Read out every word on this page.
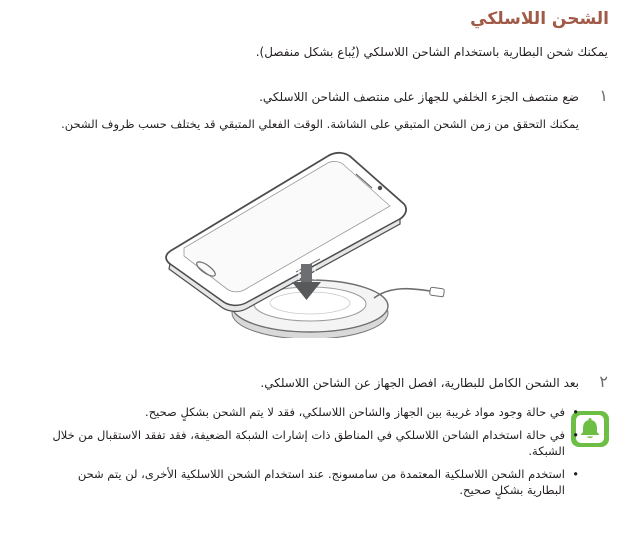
الشحن اللاسلكي
يمكنك شحن البطارية باستخدام الشاحن اللاسلكي (يُباع بشكل منفصل).
١
ضع منتصف الجزء الخلفي للجهاز على منتصف الشاحن اللاسلكي.
يمكنك التحقق من زمن الشحن المتبقي على الشاشة. الوقت الفعلي المتبقي قد يختلف حسب ظروف الشحن.
٢
بعد الشحن الكامل للبطارية، افصل الجهاز عن الشاحن اللاسلكي.
• في حالة وجود مواد غريبة بين الجهاز والشاحن اللاسلكي، فقد لا يتم الشحن بشكلٍ صحيح.
• في حالة استخدام الشاحن اللاسلكي في المناطق ذات إشارات الشبكة الضعيفة، فقد تفقد الاستقبال من خلال الشبكة.
• استخدم الشحن اللاسلكية المعتمدة من سامسونج. عند استخدام الشحن اللاسلكية الأخرى، لن يتم شحن البطارية بشكلٍ صحيح.
